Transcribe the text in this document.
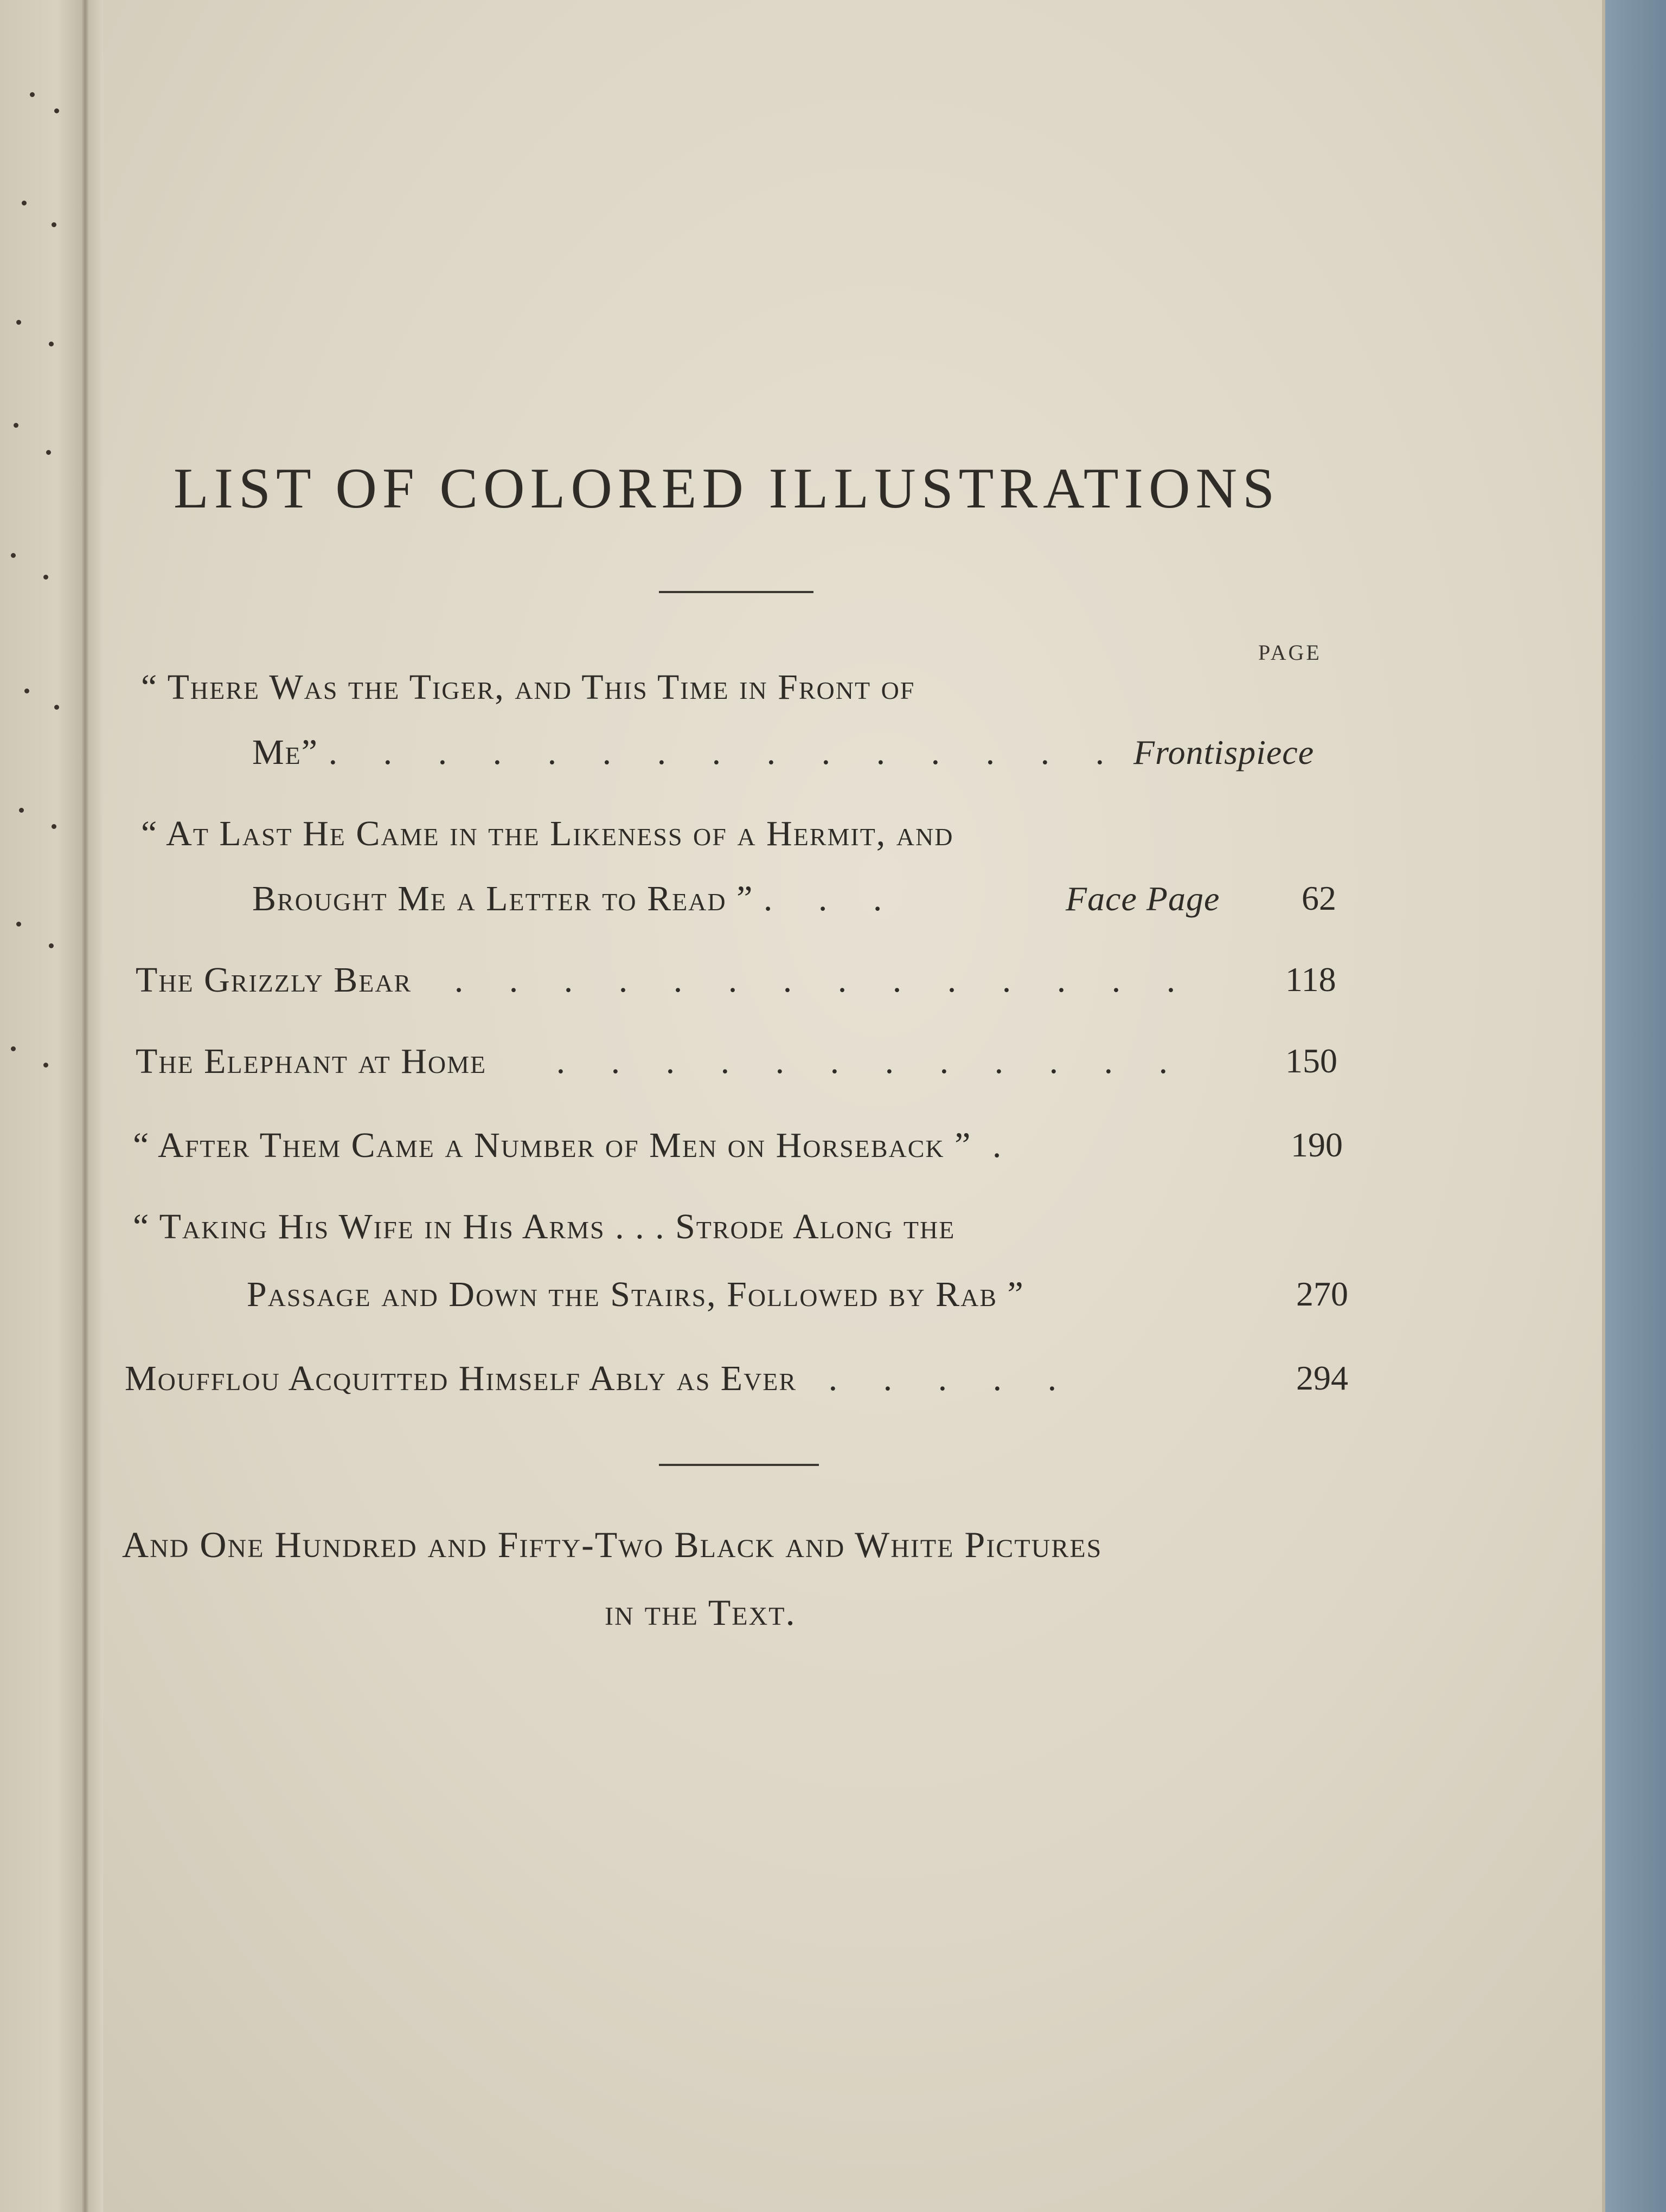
LIST OF COLORED ILLUSTRATIONS
PAGE
“ There Was the Tiger, and This Time in Front of
Me” . . . . . . . . . . . . . . . Frontispiece
“ At Last He Came in the Likeness of a Hermit, and
Brought Me a Letter to Read ” . . .	Face Page 62
The Grizzly Bear . . . . . . . . . . . . . .	118
The Elephant at Home . . . . . . . . . . . .	150
“ After Them Came a Number of Men on Horseback ” .	190
“ Taking His Wife in His Arms . . . Strode Along the
Passage and Down the Stairs, Followed by Rab ”	270
Moufflou Acquitted Himself Ably as Ever . . . . .	294
And One Hundred and Fifty-Two Black and White Pictures
in the Text.
